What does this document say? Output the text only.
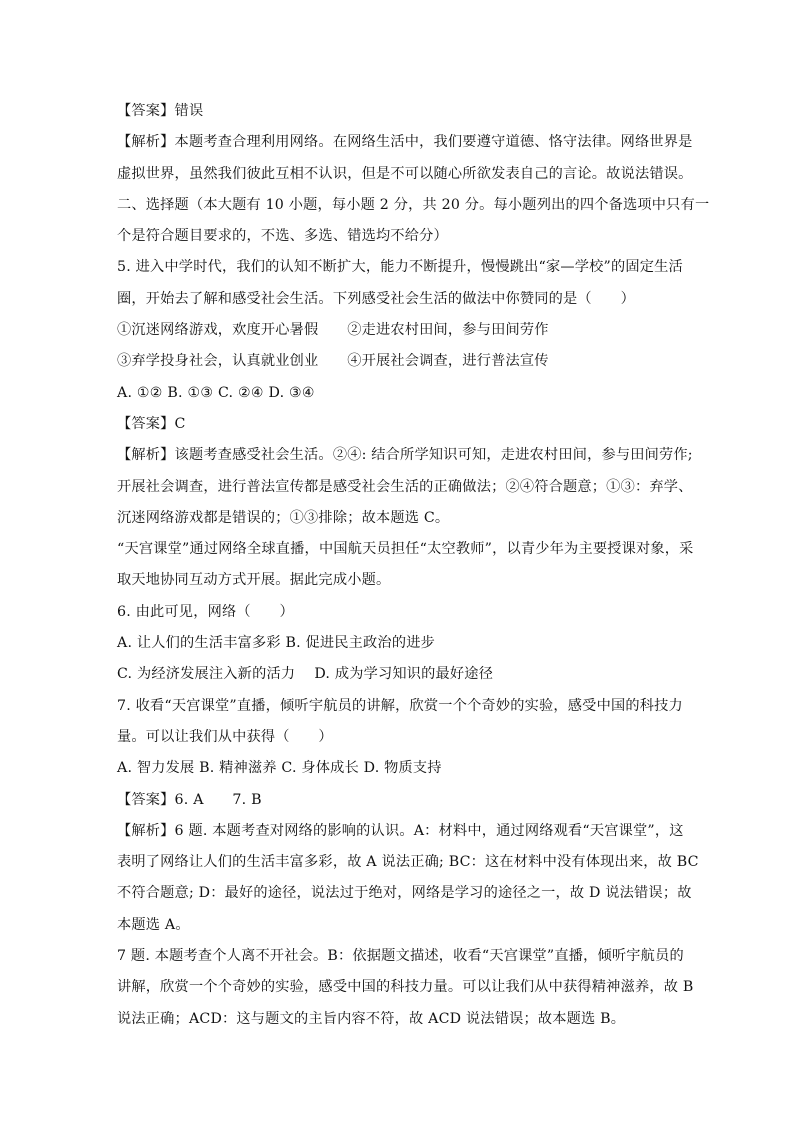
【答案】错误
【解析】本题考查合理利用网络。在网络生活中，我们要遵守道德、恪守法律。网络世界是
虚拟世界，虽然我们彼此互相不认识，但是不可以随心所欲发表自己的言论。故说法错误。
二、选择题（本大题有 10 小题，每小题 2 分，共 20 分。每小题列出的四个备选项中只有一
个是符合题目要求的，不选、多选、错选均不给分）
5. 进入中学时代，我们的认知不断扩大，能力不断提升，慢慢跳出“家—学校”的固定生活
圈，开始去了解和感受社会生活。下列感受社会生活的做法中你赞同的是（　　）
①沉迷网络游戏，欢度开心暑假　　②走进农村田间，参与田间劳作
③弃学投身社会，认真就业创业　　④开展社会调查，进行普法宣传
A. ①② B. ①③ C. ②④ D. ③④
【答案】C
【解析】该题考查感受社会生活。②④: 结合所学知识可知，走进农村田间，参与田间劳作;
开展社会调查，进行普法宣传都是感受社会生活的正确做法；②④符合题意；①③：弃学、
沉迷网络游戏都是错误的；①③排除；故本题选 C。
“天宫课堂”通过网络全球直播，中国航天员担任“太空教师”，以青少年为主要授课对象，采
取天地协同互动方式开展。据此完成小题。
6. 由此可见，网络（　　）
A. 让人们的生活丰富多彩 B. 促进民主政治的进步
C. 为经济发展注入新的活力　 D. 成为学习知识的最好途径
7. 收看“天宫课堂”直播，倾听宇航员的讲解，欣赏一个个奇妙的实验，感受中国的科技力
量。可以让我们从中获得（　　）
A. 智力发展 B. 精神滋养 C. 身体成长 D. 物质支持
【答案】6. A　　7. B
【解析】6 题. 本题考查对网络的影响的认识。A：材料中，通过网络观看“天宫课堂”，这
表明了网络让人们的生活丰富多彩，故 A 说法正确; BC：这在材料中没有体现出来，故 BC
不符合题意; D：最好的途径，说法过于绝对，网络是学习的途径之一，故 D 说法错误；故
本题选 A。
7 题. 本题考查个人离不开社会。B：依据题文描述，收看“天宫课堂”直播，倾听宇航员的
讲解，欣赏一个个奇妙的实验，感受中国的科技力量。可以让我们从中获得精神滋养，故 B
说法正确；ACD：这与题文的主旨内容不符，故 ACD 说法错误；故本题选 B。
